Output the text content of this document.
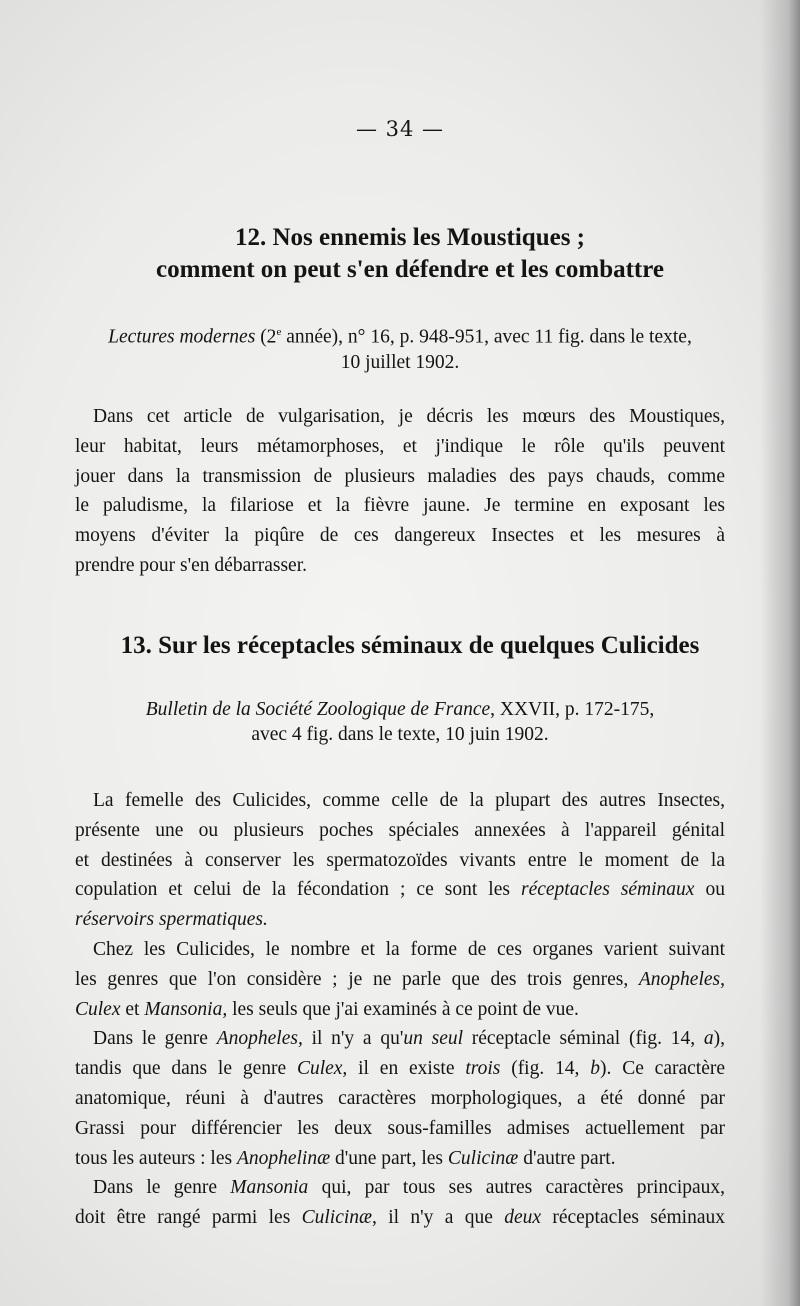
— 34 —
12. Nos ennemis les Moustiques ;
comment on peut s'en défendre et les combattre
Lectures modernes (2e année), n° 16, p. 948-951, avec 11 fig. dans le texte,
10 juillet 1902.
Dans cet article de vulgarisation, je décris les mœurs des Moustiques,
leur habitat, leurs métamorphoses, et j'indique le rôle qu'ils peuvent
jouer dans la transmission de plusieurs maladies des pays chauds, comme
le paludisme, la filariose et la fièvre jaune. Je termine en exposant les
moyens d'éviter la piqûre de ces dangereux Insectes et les mesures à
prendre pour s'en débarrasser.
13. Sur les réceptacles séminaux de quelques Culicides
Bulletin de la Société Zoologique de France, XXVII, p. 172-175,
avec 4 fig. dans le texte, 10 juin 1902.
La femelle des Culicides, comme celle de la plupart des autres Insectes,
présente une ou plusieurs poches spéciales annexées à l'appareil génital
et destinées à conserver les spermatozoïdes vivants entre le moment de la
copulation et celui de la fécondation ; ce sont les réceptacles séminaux ou
réservoirs spermatiques.
Chez les Culicides, le nombre et la forme de ces organes varient suivant
les genres que l'on considère ; je ne parle que des trois genres, Anopheles,
Culex et Mansonia, les seuls que j'ai examinés à ce point de vue.
Dans le genre Anopheles, il n'y a qu'un seul réceptacle séminal (fig. 14, a),
tandis que dans le genre Culex, il en existe trois (fig. 14, b). Ce caractère
anatomique, réuni à d'autres caractères morphologiques, a été donné par
Grassi pour différencier les deux sous-familles admises actuellement par
tous les auteurs : les Anophelinæ d'une part, les Culicinæ d'autre part.
Dans le genre Mansonia qui, par tous ses autres caractères principaux,
doit être rangé parmi les Culicinæ, il n'y a que deux réceptacles séminaux
